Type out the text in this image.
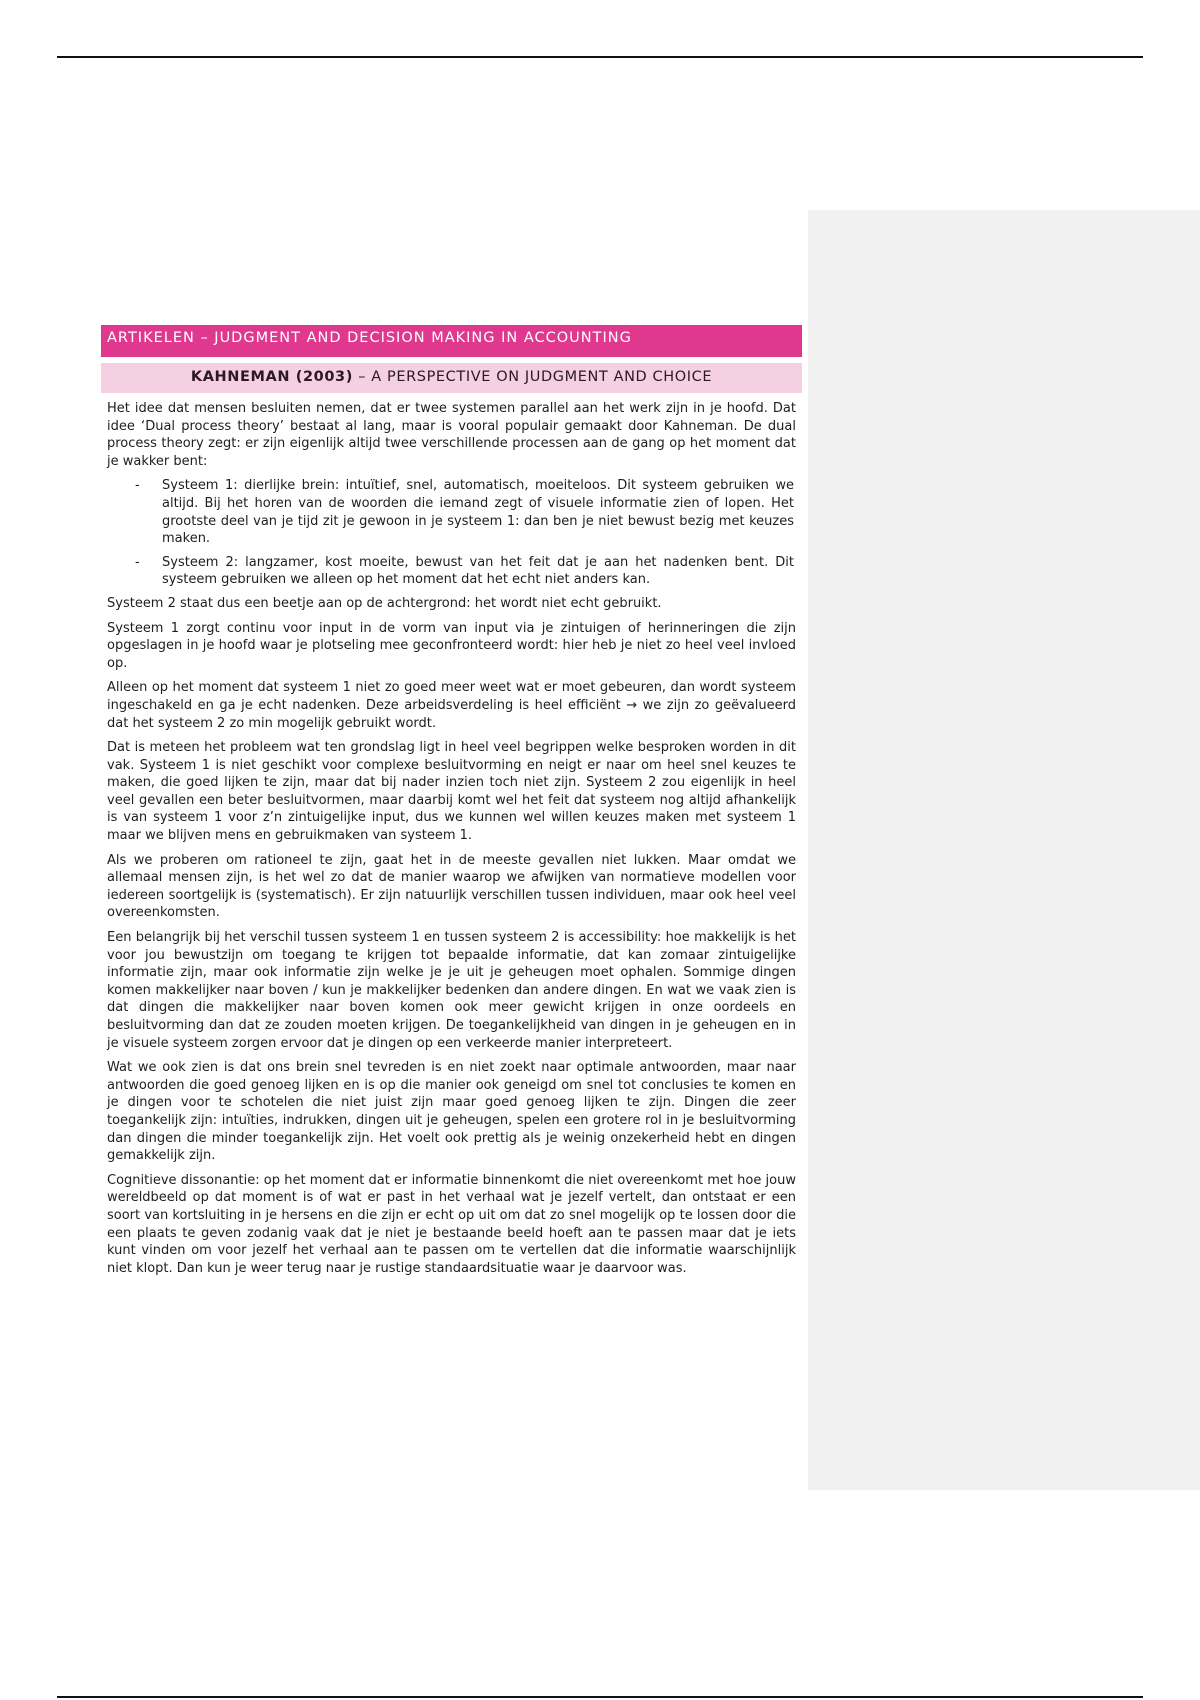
ARTIKELEN – JUDGMENT AND DECISION MAKING IN ACCOUNTING
KAHNEMAN (2003) – A PERSPECTIVE ON JUDGMENT AND CHOICE

Het idee dat mensen besluiten nemen, dat er twee systemen parallel aan het werk zijn in je hoofd. Dat idee ‘Dual process theory’ bestaat al lang, maar is vooral populair gemaakt door Kahneman. De dual process theory zegt: er zijn eigenlijk altijd twee verschillende processen aan de gang op het moment dat je wakker bent:

- Systeem 1: dierlijke brein: intuïtief, snel, automatisch, moeiteloos. Dit systeem gebruiken we altijd. Bij het horen van de woorden die iemand zegt of visuele informatie zien of lopen. Het grootste deel van je tijd zit je gewoon in je systeem 1: dan ben je niet bewust bezig met keuzes maken.
- Systeem 2: langzamer, kost moeite, bewust van het feit dat je aan het nadenken bent. Dit systeem gebruiken we alleen op het moment dat het echt niet anders kan.

Systeem 2 staat dus een beetje aan op de achtergrond: het wordt niet echt gebruikt.

Systeem 1 zorgt continu voor input in de vorm van input via je zintuigen of herinneringen die zijn opgeslagen in je hoofd waar je plotseling mee geconfronteerd wordt: hier heb je niet zo heel veel invloed op.

Alleen op het moment dat systeem 1 niet zo goed meer weet wat er moet gebeuren, dan wordt systeem ingeschakeld en ga je echt nadenken. Deze arbeidsverdeling is heel efficiënt → we zijn zo geëvalueerd dat het systeem 2 zo min mogelijk gebruikt wordt.

Dat is meteen het probleem wat ten grondslag ligt in heel veel begrippen welke besproken worden in dit vak. Systeem 1 is niet geschikt voor complexe besluitvorming en neigt er naar om heel snel keuzes te maken, die goed lijken te zijn, maar dat bij nader inzien toch niet zijn. Systeem 2 zou eigenlijk in heel veel gevallen een beter besluitvormen, maar daarbij komt wel het feit dat systeem nog altijd afhankelijk is van systeem 1 voor z’n zintuigelijke input, dus we kunnen wel willen keuzes maken met systeem 1 maar we blijven mens en gebruikmaken van systeem 1.

Als we proberen om rationeel te zijn, gaat het in de meeste gevallen niet lukken. Maar omdat we allemaal mensen zijn, is het wel zo dat de manier waarop we afwijken van normatieve modellen voor iedereen soortgelijk is (systematisch). Er zijn natuurlijk verschillen tussen individuen, maar ook heel veel overeenkomsten.

Een belangrijk bij het verschil tussen systeem 1 en tussen systeem 2 is accessibility: hoe makkelijk is het voor jou bewustzijn om toegang te krijgen tot bepaalde informatie, dat kan zomaar zintuigelijke informatie zijn, maar ook informatie zijn welke je je uit je geheugen moet ophalen. Sommige dingen komen makkelijker naar boven / kun je makkelijker bedenken dan andere dingen. En wat we vaak zien is dat dingen die makkelijker naar boven komen ook meer gewicht krijgen in onze oordeels en besluitvorming dan dat ze zouden moeten krijgen. De toegankelijkheid van dingen in je geheugen en in je visuele systeem zorgen ervoor dat je dingen op een verkeerde manier interpreteert.

Wat we ook zien is dat ons brein snel tevreden is en niet zoekt naar optimale antwoorden, maar naar antwoorden die goed genoeg lijken en is op die manier ook geneigd om snel tot conclusies te komen en je dingen voor te schotelen die niet juist zijn maar goed genoeg lijken te zijn. Dingen die zeer toegankelijk zijn: intuïties, indrukken, dingen uit je geheugen, spelen een grotere rol in je besluitvorming dan dingen die minder toegankelijk zijn. Het voelt ook prettig als je weinig onzekerheid hebt en dingen gemakkelijk zijn.

Cognitieve dissonantie: op het moment dat er informatie binnenkomt die niet overeenkomt met hoe jouw wereldbeeld op dat moment is of wat er past in het verhaal wat je jezelf vertelt, dan ontstaat er een soort van kortsluiting in je hersens en die zijn er echt op uit om dat zo snel mogelijk op te lossen door die een plaats te geven zodanig vaak dat je niet je bestaande beeld hoeft aan te passen maar dat je iets kunt vinden om voor jezelf het verhaal aan te passen om te vertellen dat die informatie waarschijnlijk niet klopt. Dan kun je weer terug naar je rustige standaardsituatie waar je daarvoor was.
